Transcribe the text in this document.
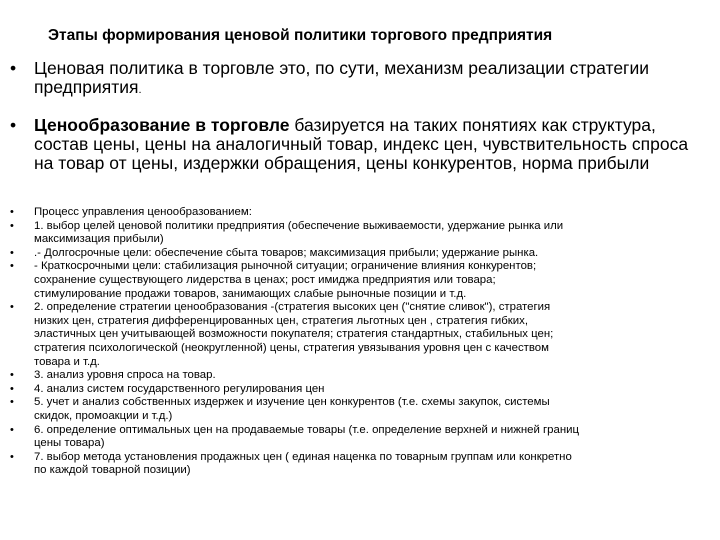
Этапы формирования ценовой политики торгового предприятия
•	Ценовая политика в торговле это, по сути, механизм реализации стратегии предприятия.
•	Ценообразование в торговле базируется на таких понятиях как структура, состав цены, цены на аналогичный товар, индекс цен, чувствительность спроса на товар от цены, издержки обращения, цены конкурентов, норма прибыли
• Процесс управления ценообразованием:
• 1. выбор целей ценовой политики предприятия (обеспечение выживаемости, удержание рынка или
максимизация прибыли)
• .- Долгосрочные цели: обеспечение сбыта товаров; максимизация прибыли; удержание рынка.
• - Краткосрочными цели: стабилизация рыночной ситуации; ограничение влияния конкурентов;
сохранение существующего лидерства в ценах; рост имиджа предприятия или товара;
стимулирование продажи товаров, занимающих слабые рыночные позиции и т.д.
• 2. определение стратегии ценообразования -(стратегия высоких цен ("снятие сливок"), стратегия
низких цен, стратегия дифференцированных цен, стратегия льготных цен , стратегия гибких,
эластичных цен учитывающей возможности покупателя; стратегия стандартных, стабильных цен;
стратегия психологической (неокругленной) цены, стратегия увязывания уровня цен с качеством
товара и т.д.
• 3. анализ уровня спроса на товар.
• 4. анализ систем государственного регулирования цен
• 5. учет и анализ собственных издержек и изучение цен конкурентов (т.е. схемы закупок, системы
скидок, промоакции и т.д.)
• 6. определение оптимальных цен на продаваемые товары (т.е. определение верхней и нижней границ
цены товара)
• 7. выбор метода установления продажных цен ( единая наценка по товарным группам или конкретно
по каждой товарной позиции)
